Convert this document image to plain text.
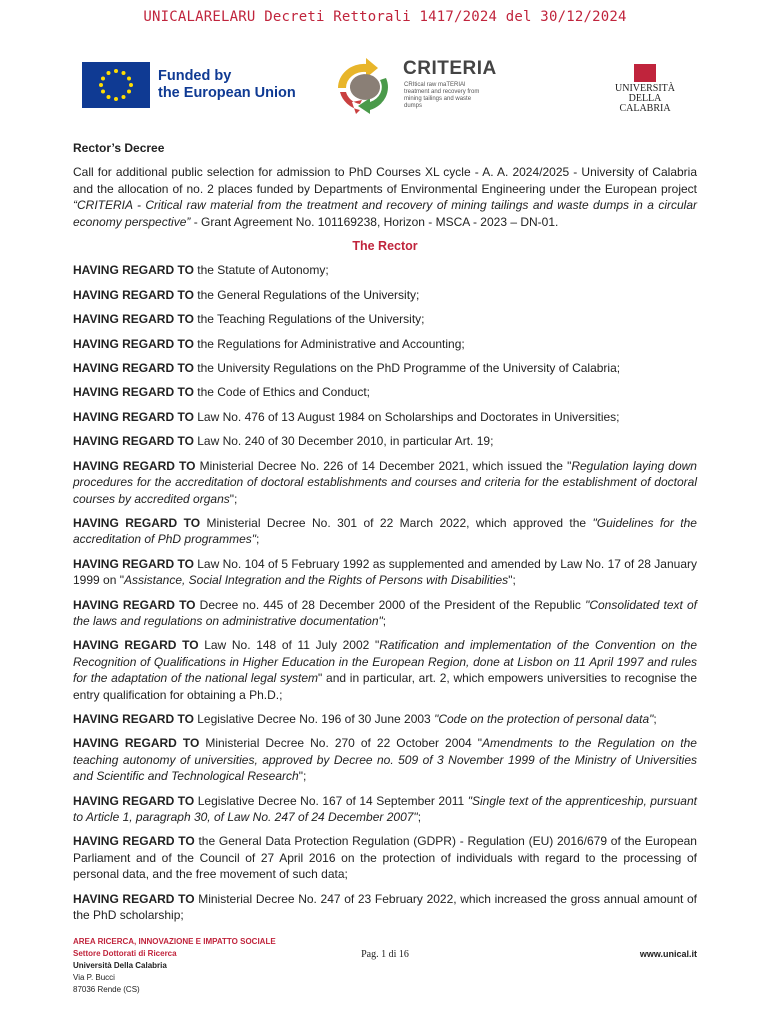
UNICALARELARU Decreti Rettorali 1417/2024 del 30/12/2024
Funded by
the European Union
CRITERIA
CRItical raw maTERIAl treatment and recovery from mining tailings and waste dumps
UNIVERSITÀ DELLA
CALABRIA

Rector’s Decree

Call for additional public selection for admission to PhD Courses XL cycle - A. A. 2024/2025 - University of Calabria and the allocation of no. 2 places funded by Departments of Environmental Engineering under the European project “CRITERIA - Critical raw material from the treatment and recovery of mining tailings and waste dumps in a circular economy perspective” - Grant Agreement No. 101169238, Horizon - MSCA - 2023 – DN-01.

The Rector

HAVING REGARD TO the Statute of Autonomy;

HAVING REGARD TO the General Regulations of the University;

HAVING REGARD TO the Teaching Regulations of the University;

HAVING REGARD TO the Regulations for Administrative and Accounting;

HAVING REGARD TO the University Regulations on the PhD Programme of the University of Calabria;

HAVING REGARD TO the Code of Ethics and Conduct;

HAVING REGARD TO Law No. 476 of 13 August 1984 on Scholarships and Doctorates in Universities;

HAVING REGARD TO Law No. 240 of 30 December 2010, in particular Art. 19;

HAVING REGARD TO Ministerial Decree No. 226 of 14 December 2021, which issued the "Regulation laying down procedures for the accreditation of doctoral establishments and courses and criteria for the establishment of doctoral courses by accredited organs";

HAVING REGARD TO Ministerial Decree No. 301 of 22 March 2022, which approved the "Guidelines for the accreditation of PhD programmes";

HAVING REGARD TO Law No. 104 of 5 February 1992 as supplemented and amended by Law No. 17 of 28 January 1999 on "Assistance, Social Integration and the Rights of Persons with Disabilities";

HAVING REGARD TO Decree no. 445 of 28 December 2000 of the President of the Republic "Consolidated text of the laws and regulations on administrative documentation";

HAVING REGARD TO Law No. 148 of 11 July 2002 "Ratification and implementation of the Convention on the Recognition of Qualifications in Higher Education in the European Region, done at Lisbon on 11 April 1997 and rules for the adaptation of the national legal system" and in particular, art. 2, which empowers universities to recognise the entry qualification for obtaining a Ph.D.;

HAVING REGARD TO Legislative Decree No. 196 of 30 June 2003 "Code on the protection of personal data";

HAVING REGARD TO Ministerial Decree No. 270 of 22 October 2004 "Amendments to the Regulation on the teaching autonomy of universities, approved by Decree no. 509 of 3 November 1999 of the Ministry of Universities and Scientific and Technological Research";

HAVING REGARD TO Legislative Decree No. 167 of 14 September 2011 "Single text of the apprenticeship, pursuant to Article 1, paragraph 30, of Law No. 247 of 24 December 2007";

HAVING REGARD TO the General Data Protection Regulation (GDPR) - Regulation (EU) 2016/679 of the European Parliament and of the Council of 27 April 2016 on the protection of individuals with regard to the processing of personal data, and the free movement of such data;

HAVING REGARD TO Ministerial Decree No. 247 of 23 February 2022, which increased the gross annual amount of the PhD scholarship;

AREA RICERCA, INNOVAZIONE E IMPATTO SOCIALE
Settore Dottorati di Ricerca
Università Della Calabria
Via P. Bucci
87036 Rende (CS)
Pag. 1 di 16	www.unical.it
